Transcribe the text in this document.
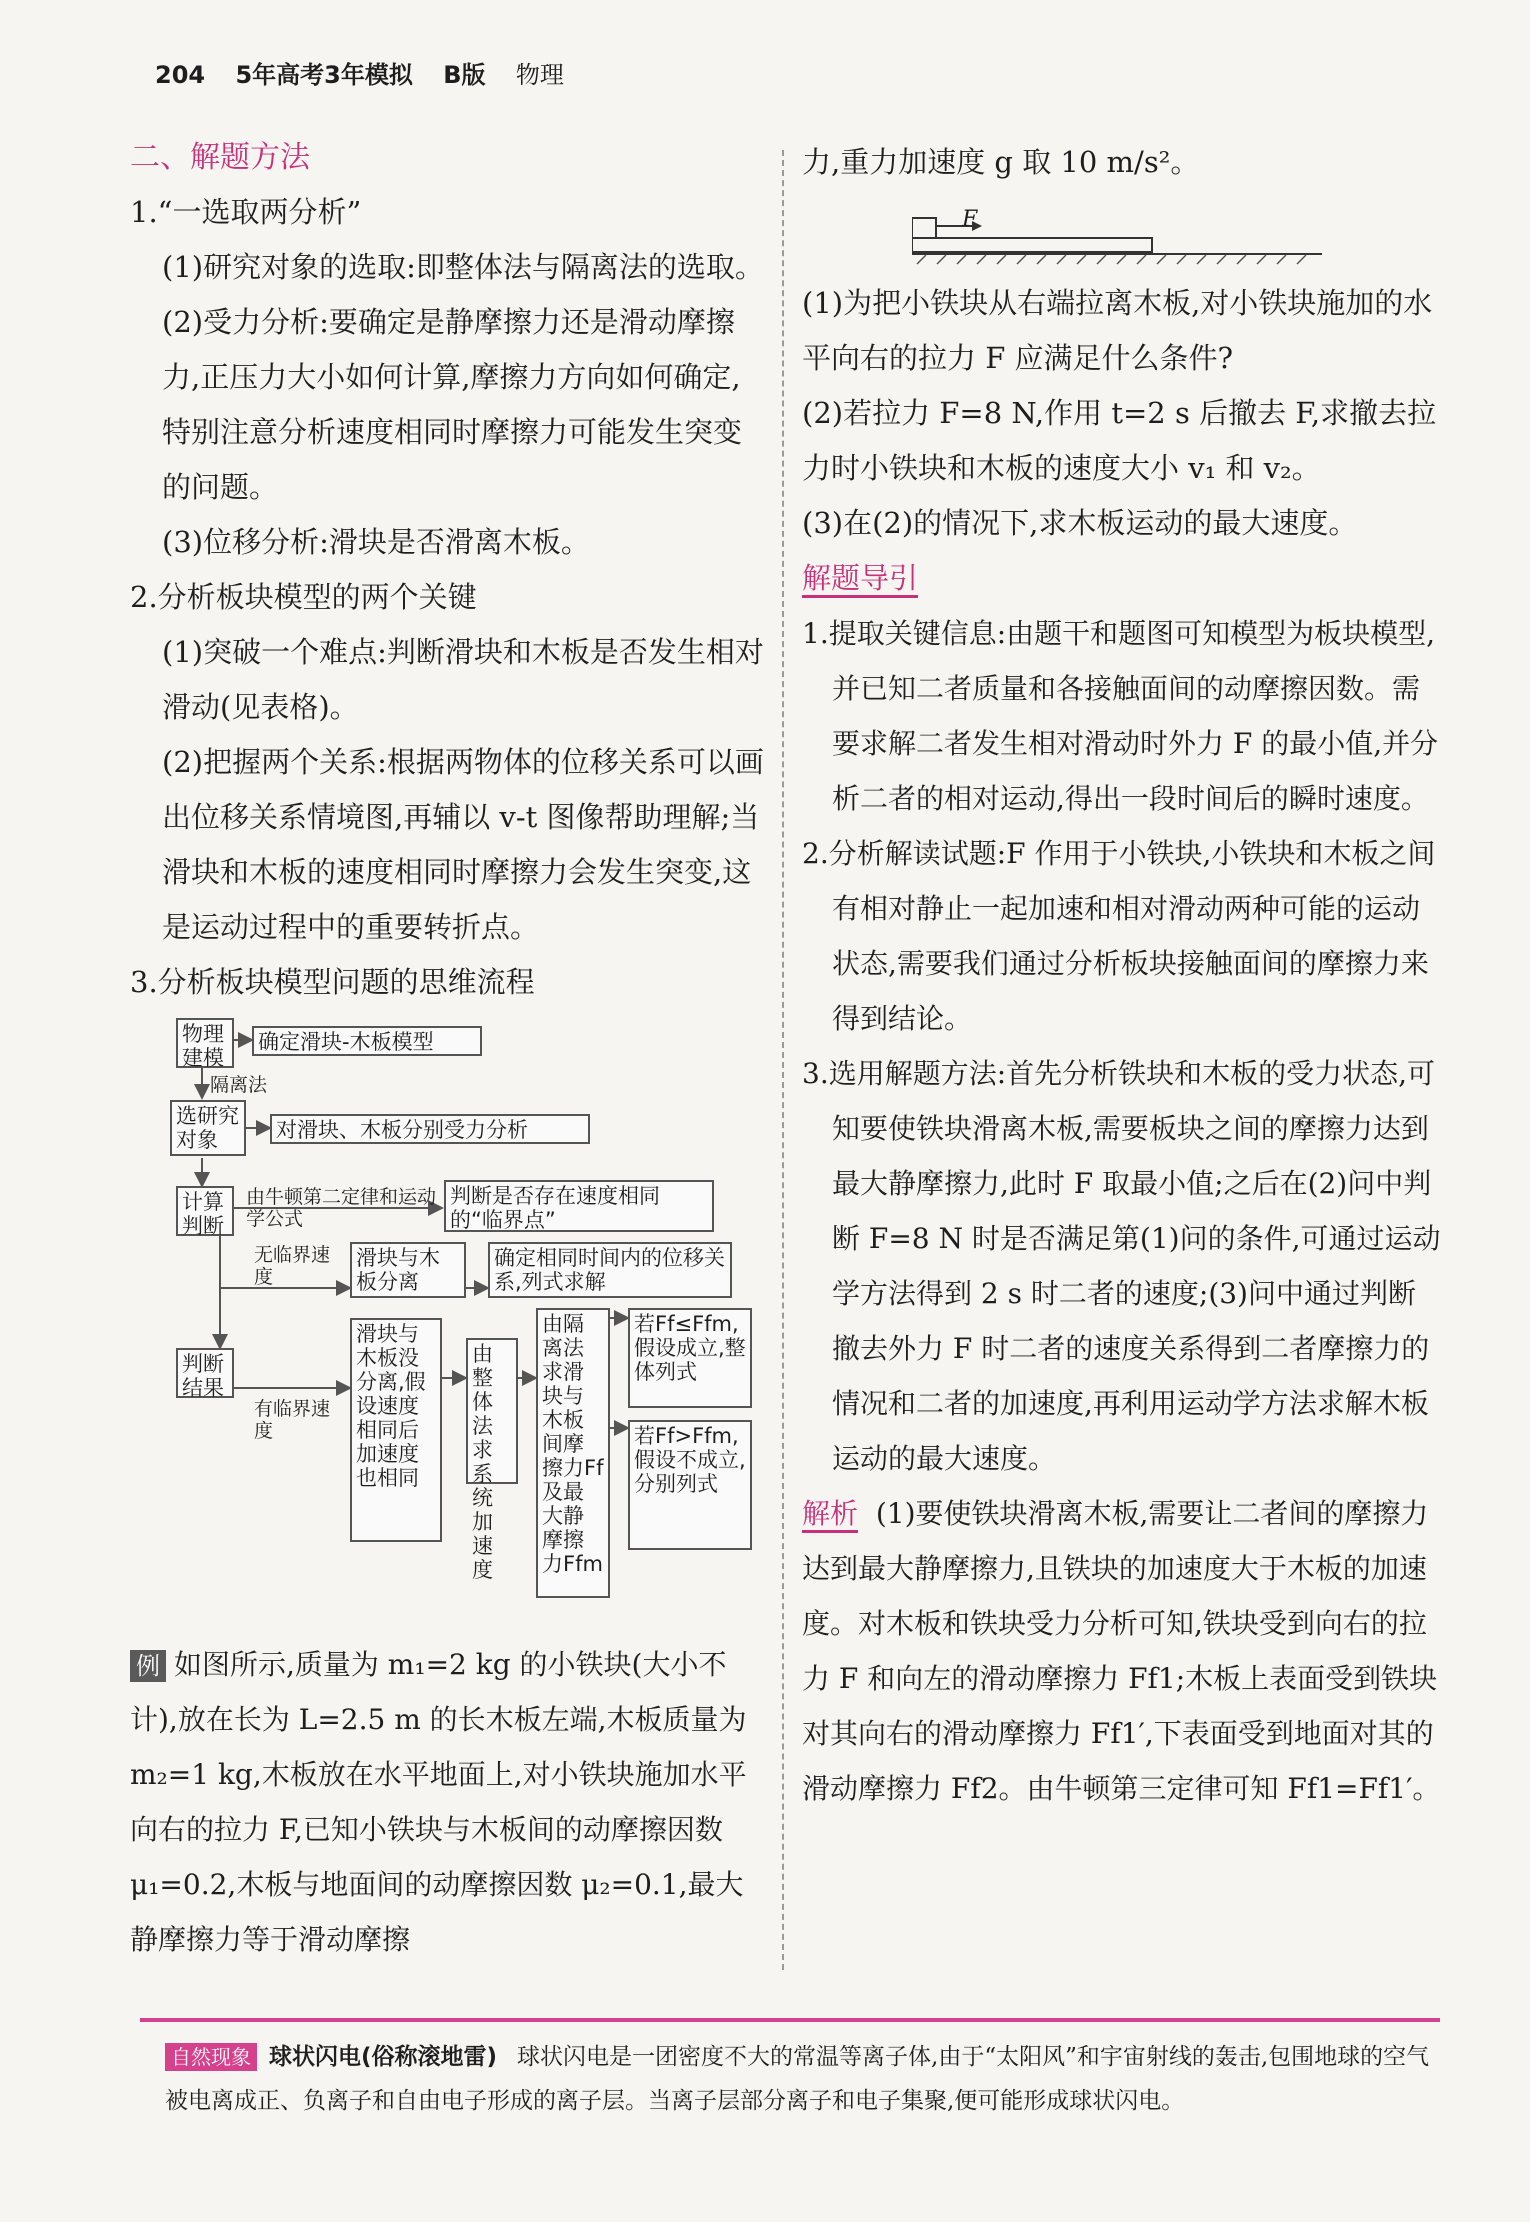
204 5年高考3年模拟 B版 物理

二、解题方法

1.“一选取两分析”

(1)研究对象的选取:即整体法与隔离法的选取。

(2)受力分析:要确定是静摩擦力还是滑动摩擦力,正压力大小如何计算,摩擦力方向如何确定,特别注意分析速度相同时摩擦力可能发生突变的问题。

(3)位移分析:滑块是否滑离木板。

2.分析板块模型的两个关键

(1)突破一个难点:判断滑块和木板是否发生相对滑动(见表格)。

(2)把握两个关系:根据两物体的位移关系可以画出位移关系情境图,再辅以 v-t 图像帮助理解;当滑块和木板的速度相同时摩擦力会发生突变,这是运动过程中的重要转折点。

3.分析板块模型问题的思维流程

物理建模
确定滑块-木板模型
隔离法
选研究对象	对滑块、木板分别受力分析
计算判断
由牛顿第二定律和运动学公式
判断是否存在速度相同的“临界点”
无临界速度
滑块与木板分离
确定相同时间内的位移关系,列式求解
判断结果
有临界速度
滑块与木板没分离,假设速度相同后加速度也相同
由整体法求系统加速度
由隔离法求滑块与木板间摩擦力Ff及最大静摩擦力Ffm
若Ff≤Ffm,假设成立,整体列式
若Ff>Ffm,假设不成立,分别列式

例 如图所示,质量为 m₁=2 kg 的小铁块(大小不计),放在长为 L=2.5 m 的长木板左端,木板质量为 m₂=1 kg,木板放在水平地面上,对小铁块施加水平向右的拉力 F,已知小铁块与木板间的动摩擦因数 μ₁=0.2,木板与地面间的动摩擦因数 μ₂=0.1,最大静摩擦力等于滑动摩擦

力,重力加速度 g 取 10 m/s²。

F

(1)为把小铁块从右端拉离木板,对小铁块施加的水平向右的拉力 F 应满足什么条件?

(2)若拉力 F=8 N,作用 t=2 s 后撤去 F,求撤去拉力时小铁块和木板的速度大小 v₁ 和 v₂。

(3)在(2)的情况下,求木板运动的最大速度。

解题导引

1.提取关键信息:由题干和题图可知模型为板块模型,并已知二者质量和各接触面间的动摩擦因数。需要求解二者发生相对滑动时外力 F 的最小值,并分析二者的相对运动,得出一段时间后的瞬时速度。

2.分析解读试题:F 作用于小铁块,小铁块和木板之间有相对静止一起加速和相对滑动两种可能的运动状态,需要我们通过分析板块接触面间的摩擦力来得到结论。

3.选用解题方法:首先分析铁块和木板的受力状态,可知要使铁块滑离木板,需要板块之间的摩擦力达到最大静摩擦力,此时 F 取最小值;之后在(2)问中判断 F=8 N 时是否满足第(1)问的条件,可通过运动学方法得到 2 s 时二者的速度;(3)问中通过判断撤去外力 F 时二者的速度关系得到二者摩擦力的情况和二者的加速度,再利用运动学方法求解木板运动的最大速度。

解析 (1)要使铁块滑离木板,需要让二者间的摩擦力达到最大静摩擦力,且铁块的加速度大于木板的加速度。对木板和铁块受力分析可知,铁块受到向右的拉力 F 和向左的滑动摩擦力 Ff1;木板上表面受到铁块对其向右的滑动摩擦力 Ff1′,下表面受到地面对其的滑动摩擦力 Ff2。由牛顿第三定律可知 Ff1=Ff1′。

自然现象 球状闪电(俗称滚地雷) 球状闪电是一团密度不大的常温等离子体,由于“太阳风”和宇宙射线的轰击,包围地球的空气被电离成正、负离子和自由电子形成的离子层。当离子层部分离子和电子集聚,便可能形成球状闪电。
